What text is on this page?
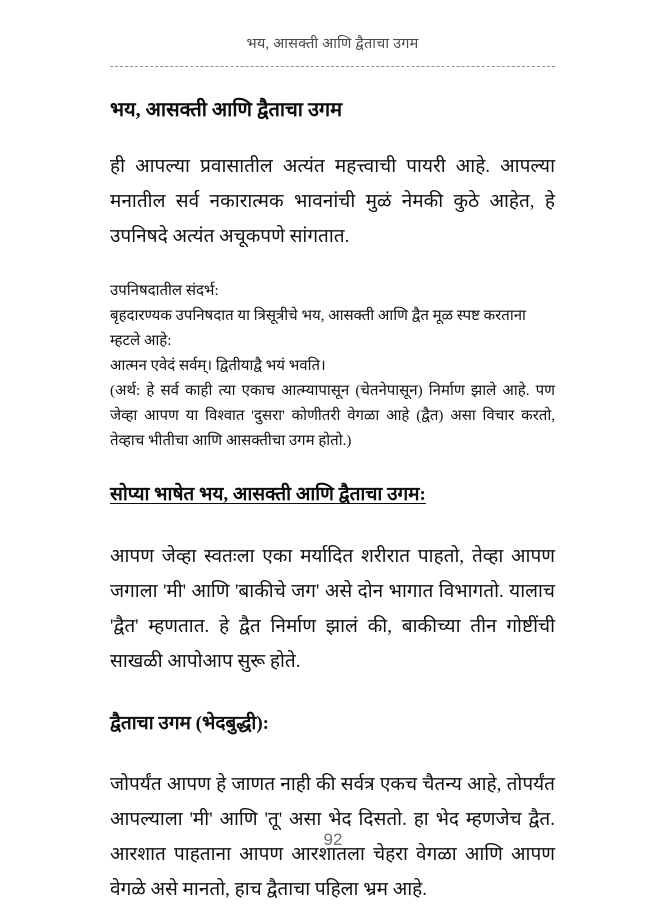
भय, आसक्ती आणि द्वैताचा उगम
भय, आसक्ती आणि द्वैताचा उगम

ही आपल्या प्रवासातील अत्यंत महत्त्वाची पायरी आहे. आपल्या मनातील सर्व नकारात्मक भावनांची मुळं नेमकी कुठे आहेत, हे उपनिषदे अत्यंत अचूकपणे सांगतात.

उपनिषदातील संदर्भ:
बृहदारण्यक उपनिषदात या त्रिसूत्रीचे भय, आसक्ती आणि द्वैत मूळ स्पष्ट करताना म्हटले आहे:
आत्मन एवेदं सर्वम्। द्वितीयाद्वै भयं भवति।
(अर्थ: हे सर्व काही त्या एकाच आत्म्यापासून (चेतनेपासून) निर्माण झाले आहे. पण जेव्हा आपण या विश्वात 'दुसरा' कोणीतरी वेगळा आहे (द्वैत) असा विचार करतो, तेव्हाच भीतीचा आणि आसक्तीचा उगम होतो.)
सोप्या भाषेत भय, आसक्ती आणि द्वैताचा उगम:

आपण जेव्हा स्वतःला एका मर्यादित शरीरात पाहतो, तेव्हा आपण जगाला 'मी' आणि 'बाकीचे जग' असे दोन भागात विभागतो. यालाच 'द्वैत' म्हणतात. हे द्वैत निर्माण झालं की, बाकीच्या तीन गोष्टींची साखळी आपोआप सुरू होते.

द्वैताचा उगम (भेदबुद्धी):

जोपर्यंत आपण हे जाणत नाही की सर्वत्र एकच चैतन्य आहे, तोपर्यंत आपल्याला 'मी' आणि 'तू' असा भेद दिसतो. हा भेद म्हणजेच द्वैत. आरशात पाहताना आपण आरशातला चेहरा वेगळा आणि आपण वेगळे असे मानतो, हाच द्वैताचा पहिला भ्रम आहे.

92
